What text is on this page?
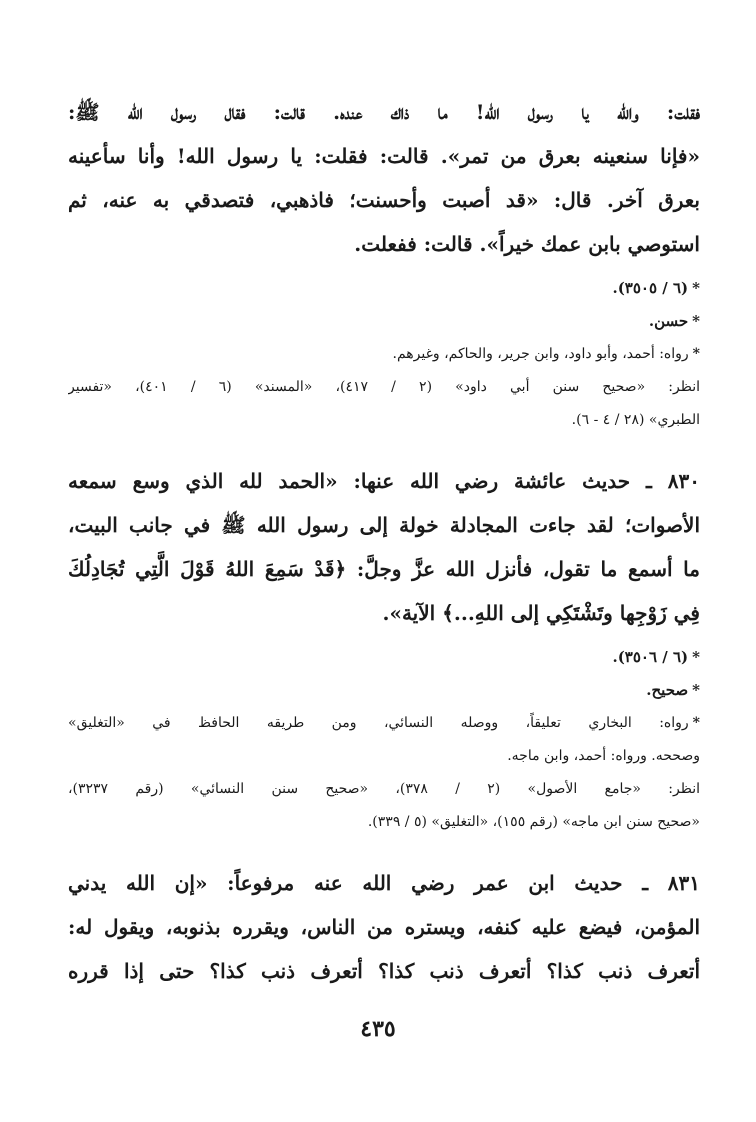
فقلت: والله يا رسول الله! ما ذاك عنده. قالت: فقال رسول الله ﷺ:
«فإنا سنعينه بعرق من تمر». قالت: فقلت: يا رسول الله! وأنا سأعينه
بعرق آخر. قال: «قد أصبت وأحسنت؛ فاذهبي، فتصدقي به عنه، ثم
استوصي بابن عمك خيراً». قالت: ففعلت.
*(٦ / ٣٥٠٥).
*حسن.
*رواه: أحمد، وأبو داود، وابن جرير، والحاكم، وغيرهم.
انظر: «صحيح سنن أبي داود» (٢ / ٤١٧)، «المسند» (٦ / ٤٠١)، «تفسير
الطبري» (٢٨ / ٤ - ٦).
٨٣٠ ـ حديث عائشة رضي الله عنها: «الحمد لله الذي وسع سمعه
الأصوات؛ لقد جاءت المجادلة خولة إلى رسول الله ﷺ في جانب البيت،
ما أسمع ما تقول، فأنزل الله عزَّ وجلَّ: ﴿قَدْ سَمِعَ اللهُ قَوْلَ الَّتِي تُجَادِلُكَ
فِي زَوْجِها وتَشْتَكِي إلى اللهِ...﴾ الآية».
*(٦ / ٣٥٠٦).
*صحيح.
*رواه: البخاري تعليقاً، ووصله النسائي، ومن طريقه الحافظ في «التغليق»
وصححه. ورواه: أحمد، وابن ماجه.
انظر: «جامع الأصول» (٢ / ٣٧٨)، «صحيح سنن النسائي» (رقم ٣٢٣٧)،
«صحيح سنن ابن ماجه» (رقم ١٥٥)، «التغليق» (٥ / ٣٣٩).
٨٣١ ـ حديث ابن عمر رضي الله عنه مرفوعاً: «إن الله يدني
المؤمن، فيضع عليه كنفه، ويستره من الناس، ويقرره بذنوبه، ويقول له:
أتعرف ذنب كذا؟ أتعرف ذنب كذا؟ أتعرف ذنب كذا؟ حتى إذا قرره
٤٣٥
